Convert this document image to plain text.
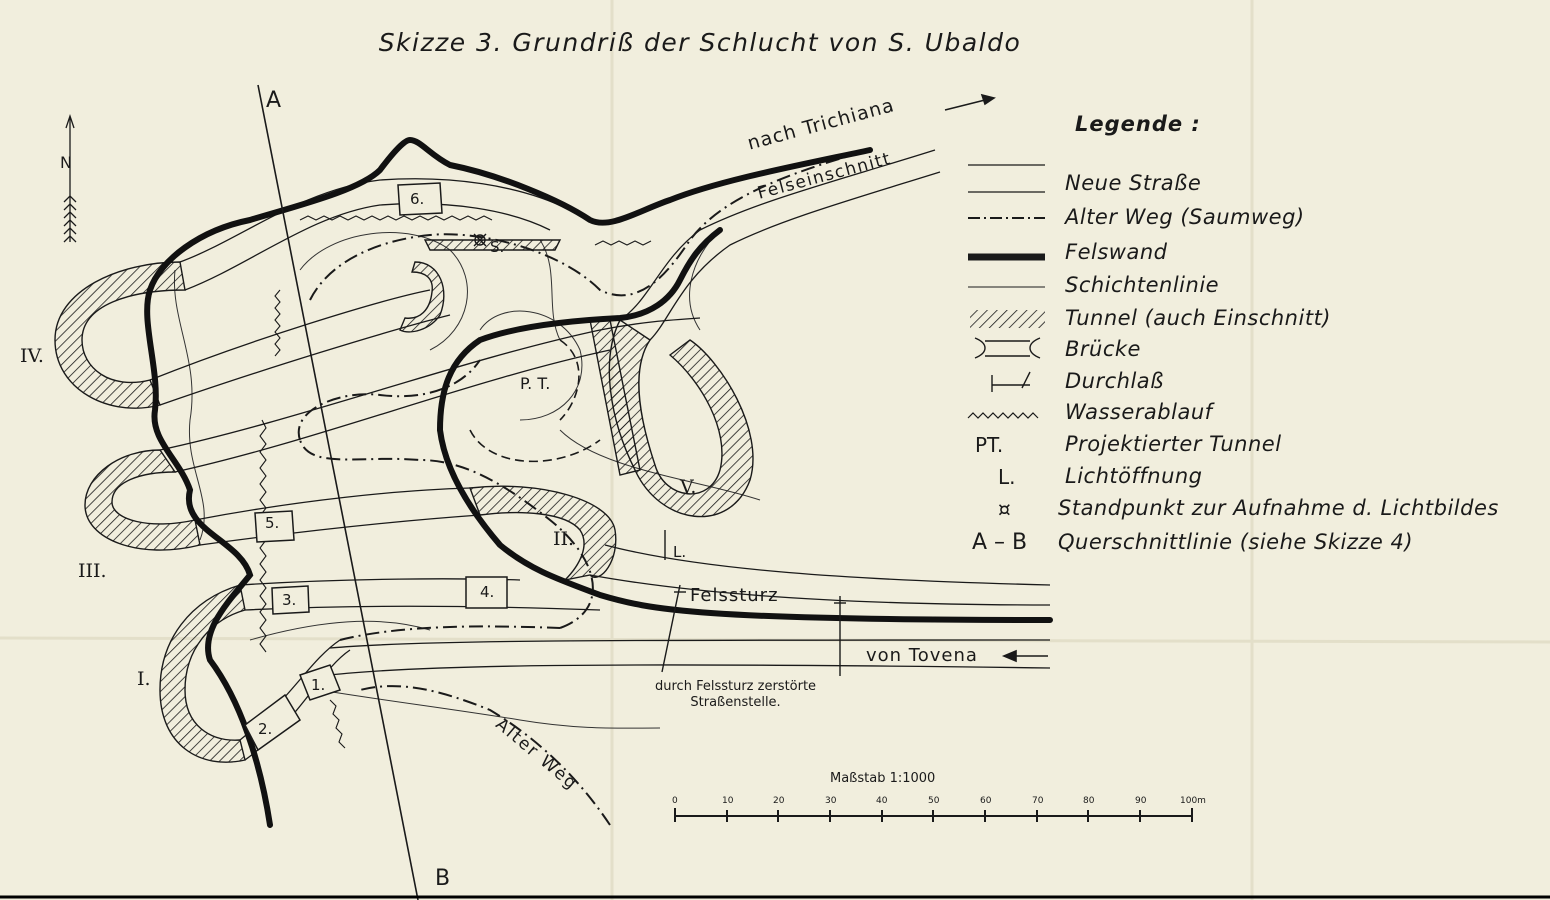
Skizze 3. Grundriß der Schlucht von S. Ubaldo
Legende :
Neue Straße
Alter Weg (Saumweg)
Felswand
Schichtenlinie
Tunnel (auch Einschnitt)
Brücke
Durchlaß
Wasserablauf
PT.	Projektierter Tunnel
L. Lichtöffnung
¤ Standpunkt zur Aufnahme d. Lichtbildes
A – B Querschnittlinie (siehe Skizze 4)
N
A
B
nach Trichiana
Felseinschnitt
Felssturz
von Tovena
durch Felssturz zerstörte
Straßenstelle.
Alter Weg
P. T.
S.
L.
I.
II.
III.
IV.
V.
1.
2.
3.	4.
5.
6.
Maßstab 1:1000
0	10	20	30	40	50	60	70	80	90	100m
